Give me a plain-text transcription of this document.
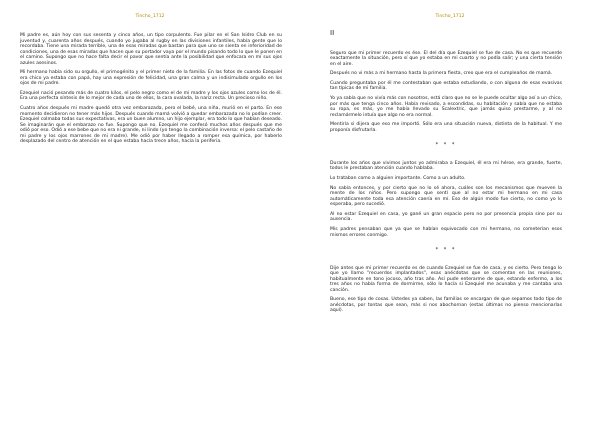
Tincho_1712

Mi padre es, aún hoy con sus sesenta y cinco años, un tipo corpulento. Fue pilar en el San Isidro Club en su juventud y, cuarenta años después, cuando yo jugaba al rugby en las divisiones infantiles, había gente que lo recordaba. Tiene una mirada terrible, una de esas miradas que bastan para que uno se sienta en inferioridad de condiciones, una de esas miradas que hacen que su portador vaya por el mundo pisando todo lo que le ponen en el camino. Supongo que no hace falta decir el pavor que sentía ante la posibilidad que enfocara en mí sus ojos azules asesinos.

Mi hermano había sido su orgullo, el primogénito y el primer nieto de la familia. En las fotos de cuando Ezequiel era chico ya estaba con papá, hay una expresión de felicidad, una gran calma y un indisimulado orgullo en los ojos de mi padre.

Ezequiel nació pesando más de cuatro kilos, el pelo negro como el de mi madre y los ojos azules como los de él. Era una perfecta síntesis de lo mejor de cada uno de ellos, la cara ovalada, la nariz recta. Un precioso niño.

Cuatro años después mi madre quedó otra vez embarazada, pero el bebé, una niña, murió en el parto. En ese momento decidieron no tener más hijos. Después cuando mamá volvió a quedar embarazada no lo podían creer. Ezequiel colmaba todas sus expectativas, era un buen alumno, un hijo ejemplar, era todo lo que habían deseado. Se imaginarán que el embarazo no fue. Supongo que no. Ezequiel me confesó muchos años después que me odió por eso. Odió a ese bebe que no era ni grande, ni lindo (yo tengo la combinación inversa: el pelo castaño de mi padre y los ojos marrones de mi madre). Me odió por haber llegado a romper esa química, por haberlo desplazado del centro de atención en el que estaba hacía trece años, hacia la periferia.

Tincho_1712

II

Seguro que mi primer recuerdo es ése. El del día que Ezequiel se fue de casa. No es que recuerde exactamente la situación, pero sí que yo estaba en mi cuarto y no podía salir; y una cierta tensión en el aire.

Después no vi más a mi hermano hasta la primera fiesta, creo que era el cumpleaños de mamá.

Cuando preguntaba por él me contestaban que estaba estudiando, o con alguna de esas evasivas tan típicas de mi familia.

Yo ya sabía que no vivía más con nosotros, está claro que no se le puede ocultar algo así a un chico, por más que tenga cinco años. Había revisado, a escondidas, su habitación y sabía que no estaba su ropa, es más, yo me había llevado su Scalextric, que jamás quiso prestarme, y al no reclamármelo intuía que algo no era normal.

Mentiría si dijera que eso me importó. Sólo era una situación nueva, distinta de la habitual. Y me proponía disfrutarla.

* * *

Durante los años que vivimos juntos yo admiraba a Ezequiel, él era mi héroe, era grande, fuerte, todos le prestaban atención cuando hablaba.

Lo trataban como a alguien importante. Como a un adulto.

No sabía entonces, y por cierto que no lo sé ahora, cuáles son los mecanismos que mueven la mente de los niños. Pero supongo que sentí que al no estar mi hermano en mi casa automáticamente toda esa atención caería en mí. Eso de algún modo fue cierto, no como yo lo esperaba, pero sucedió.

Al no estar Ezequiel en casa, yo gané un gran espacio pero no por presencia propia sino por su ausencia.

Mis padres pensaban que ya que se habían equivocado con mi hermano, no cometerían esos mismos errores conmigo.

* * *

Dije antes que mi primer recuerdo es de cuando Ezequiel se fue de casa, y es cierto. Pero tengo lo que yo llamo "recuerdos implantados", esas anécdotas que se comentan en las reuniones, habitualmente en tono jocoso, año tras año. Así pude enterarme de que, estando enfermo, a los tres años no había forma de dormirme, sólo lo hacía si Ezequiel me acunaba y me cantaba una canción.

Bueno, ese tipo de cosas. Ustedes ya saben, las familias se encargan de que sepamos todo tipo de anécdotas, por tontas que sean, más si nos abochornan (estas últimas no pienso mencionarlas aquí).
